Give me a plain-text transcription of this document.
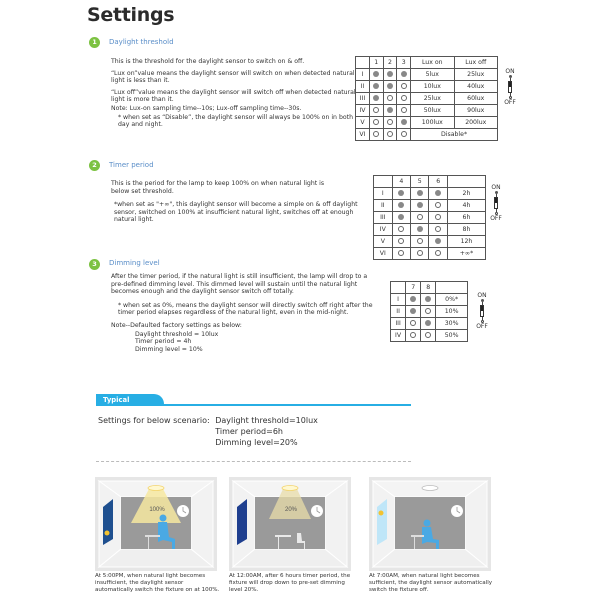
Settings
1	Daylight threshold

This is the threshold for the daylight sensor to switch on & off.

“Lux on”value means the daylight sensor will switch on when detected natural light is less than it.

“Lux off”value means the daylight sensor will switch off when detected natural light is more than it.

Note: Lux-on sampling time--10s; Lux-off sampling time--30s.

* when set as “Disable”, the daylight sensor will always be 100% on in both day and night.

	1	2	3	Lux on	Lux off
I				5lux	25lux
II				10lux	40lux
III				25lux	60lux
IV				50lux	90lux
V				100lux	200lux
VI				Disable*	
ON
OFF
2	Timer period

This is the period for the lamp to keep 100% on when natural light is below set threshold.

*when set as "+∞", this daylight sensor will become a simple on & off daylight sensor, switched on 100% at insufficient natural light, switches off at enough natural light.

	4	5	6	
I				2h
II				4h
III				6h
IV				8h
V				12h
VI				+∞*
ON
OFF
3	Dimming level

After the timer period, if the natural light is still insufficient, the lamp will drop to a pre-defined dimming level. This dimmed level will sustain until the natural light becomes enough and the daylight sensor switch off totally.

* when set as 0%, means the daylight sensor will directly switch off right after the timer period elapses regardless of the natural light, even in the mid-night.

Note--Defaulted factory settings as below:

Daylight threshold = 10lux
Timer period = 4h
Dimming level = 10%
	7	8	
I			0%*
II			10%
III			30%
IV			50%
ON
OFF
Typical application
Settings for below scenario: Daylight threshold=10lux
Timer period=6h
Dimming level=20%
100%
At 5:00PM, when natural light becomes insufficient, the daylight sensor automatically switch the fixture on at 100%.
20%
At 12:00AM, after 6 hours timer period, the fixture will drop down to pre-set dimming level 20%.
At 7:00AM, when natural light becomes sufficient, the daylight sensor automatically switch the fixture off.
